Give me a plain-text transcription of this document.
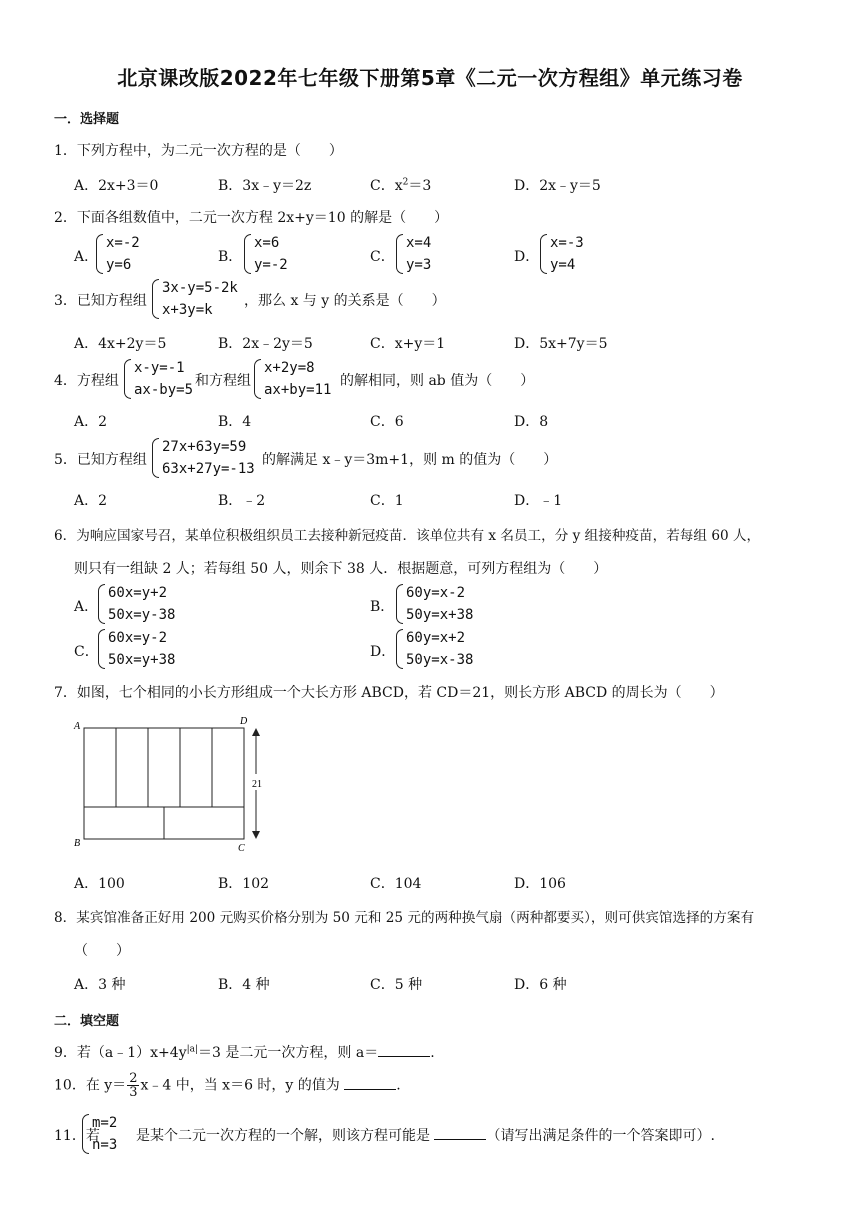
北京课改版2022年七年级下册第5章《二元一次方程组》单元练习卷
一．选择题
1．下列方程中，为二元一次方程的是（　　）
A．2x+3＝0	B．3x﹣y＝2z	C．$x^2=3$	D．2x﹣y＝5
2．下面各组数值中，二元一次方程 2x+y＝10 的解是（　　）
A．
x=-2
y=6	B．
x=6
y=-2	C．
x=4
y=3	D．
x=-3
y=4
3．已知方程组
3x-y=5-2k
x+3y=k
，那么 x 与 y 的关系是（　　）
A．4x+2y＝5	B．2x﹣2y＝5	C．x+y＝1	D．5x+7y＝5
4．方程组
x-y=-1
ax-by=5
和方程组
x+2y=8
ax+by=11
的解相同，则 ab 值为（　　）
A．2	B．4	C．6	D．8
5．已知方程组
27x+63y=59
63x+27y=-13
的解满足 x﹣y＝3m+1，则 m 的值为（　　）
A．2	B．﹣2	C．1	D．﹣1
6．为响应国家号召，某单位积极组织员工去接种新冠疫苗．该单位共有 x 名员工，分 y 组接种疫苗，若每组 60 人，
则只有一组缺 2 人；若每组 50 人，则余下 38 人．根据题意，可列方程组为（　　）
A．
60x=y+2
50x=y-38	B．
60y=x-2
50y=x+38
C．
60x=y-2
50x=y+38	D．
60y=x+2
50y=x-38
7．如图，七个相同的小长方形组成一个大长方形 ABCD，若 CD＝21，则长方形 ABCD 的周长为（　　）
21
A	D
B	C
A．100	B．102	C．104	D．106
8．某宾馆准备正好用 200 元购买价格分别为 50 元和 25 元的两种换气扇（两种都要买），则可供宾馆选择的方案有
（　　）
A．3 种	B．4 种	C．5 种	D．6 种
二．填空题
9．若$(a﹣1)x+4y^{|a|}=3$ 是二元一次方程，则 a＝	.
10．在 $y= \frac{2}{3}$ x﹣4 中，当 x＝6 时，y 的值为	.
11．若
m=2
n=3
是某个二元一次方程的一个解，则该方程可能是	（请写出满足条件的一个答案即可）.
